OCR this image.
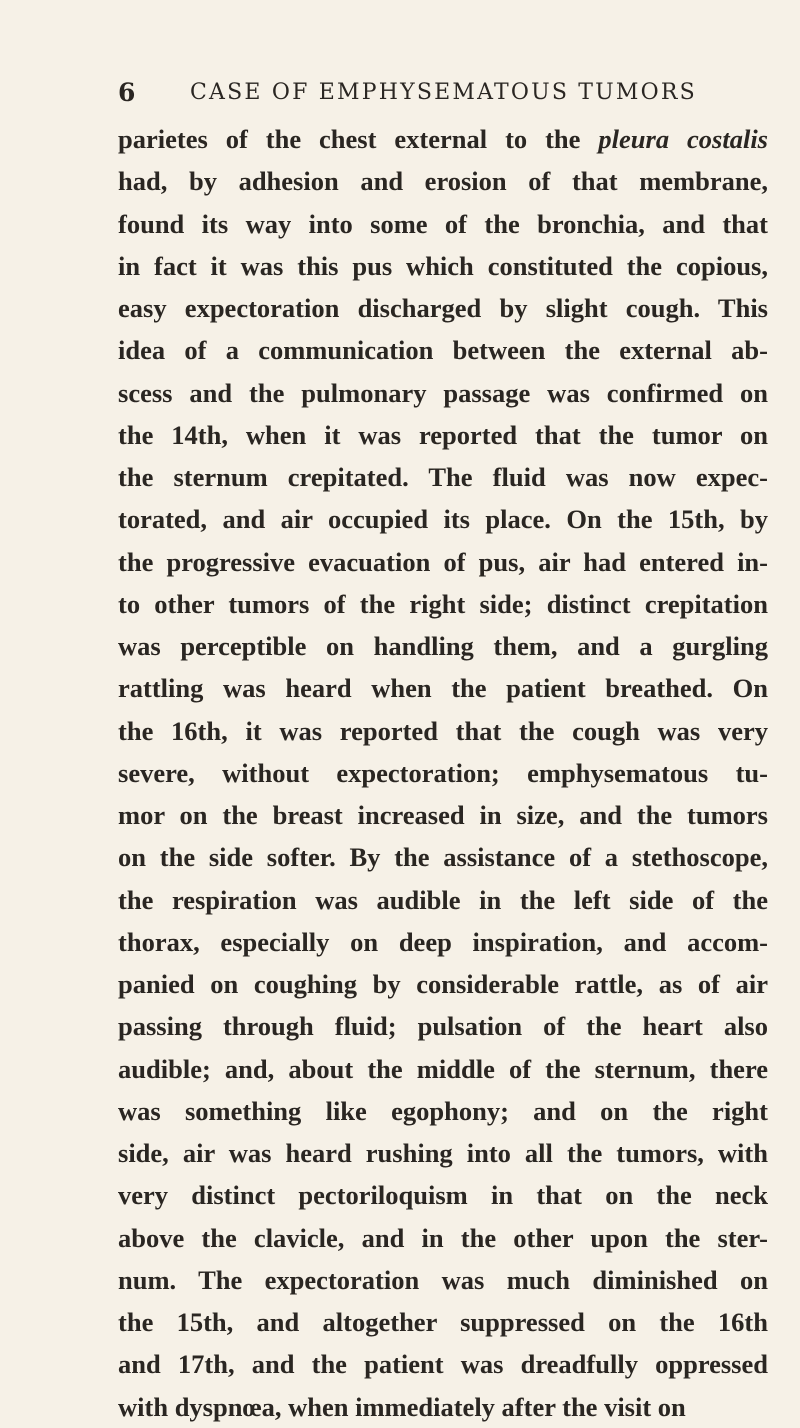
6 CASE OF EMPHYSEMATOUS TUMORS
parietes of the chest external to the pleura costalis
had, by adhesion and erosion of that membrane,
found its way into some of the bronchia, and that
in fact it was this pus which constituted the copious,
easy expectoration discharged by slight cough. This
idea of a communication between the external ab-
scess and the pulmonary passage was confirmed on
the 14th, when it was reported that the tumor on
the sternum crepitated. The fluid was now expec-
torated, and air occupied its place. On the 15th, by
the progressive evacuation of pus, air had entered in-
to other tumors of the right side; distinct crepitation
was perceptible on handling them, and a gurgling
rattling was heard when the patient breathed. On
the 16th, it was reported that the cough was very
severe, without expectoration; emphysematous tu-
mor on the breast increased in size, and the tumors
on the side softer. By the assistance of a stethoscope,
the respiration was audible in the left side of the
thorax, especially on deep inspiration, and accom-
panied on coughing by considerable rattle, as of air
passing through fluid; pulsation of the heart also
audible; and, about the middle of the sternum, there
was something like egophony; and on the right
side, air was heard rushing into all the tumors, with
very distinct pectoriloquism in that on the neck
above the clavicle, and in the other upon the ster-
num. The expectoration was much diminished on
the 15th, and altogether suppressed on the 16th
and 17th, and the patient was dreadfully oppressed
with dyspnœa, when immediately after the visit on
